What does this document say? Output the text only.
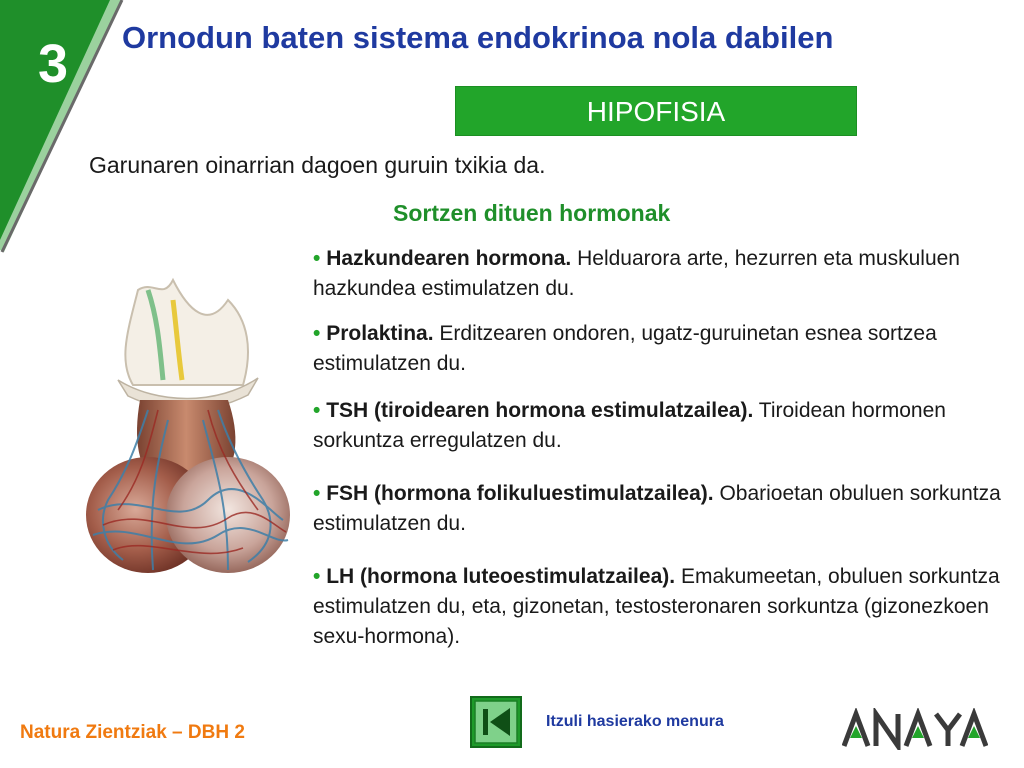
3	Ornodun baten sistema endokrinoa nola dabilen
HIPOFISIA
Garunaren oinarrian dagoen guruin txikia da.
Sortzen dituen hormonak
• Hazkundearen hormona. Helduarora arte, hezurren eta muskuluen hazkundea estimulatzen du.
• Prolaktina. Erditzearen ondoren, ugatz-guruinetan esnea sortzea estimulatzen du.
• TSH (tiroidearen hormona estimulatzailea). Tiroidean hormonen sorkuntza erregulatzen du.
• FSH (hormona folikuluestimulatzailea). Obarioetan obuluen sorkuntza estimulatzen du.
• LH (hormona luteoestimulatzailea). Emakumeetan, obuluen sorkuntza estimulatzen du, eta, gizonetan, testosteronaren sorkuntza (gizonezkoen sexu-hormona).
Natura Zientziak – DBH 2
Itzuli hasierako menura
